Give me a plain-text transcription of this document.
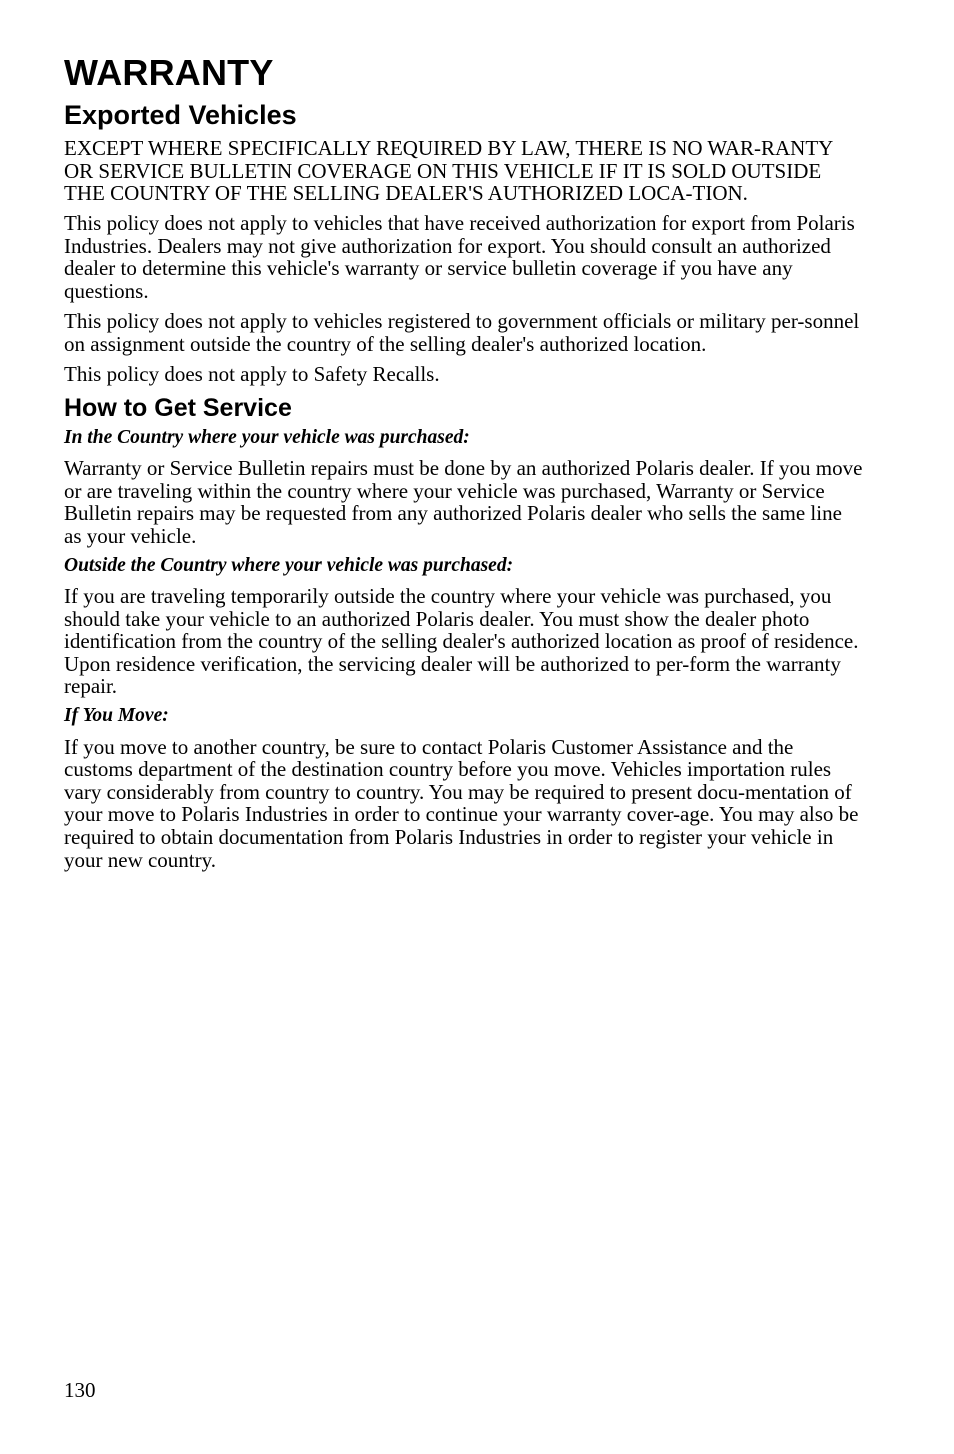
WARRANTY
Exported Vehicles

EXCEPT WHERE SPECIFICALLY REQUIRED BY LAW, THERE IS NO WAR-RANTY OR SERVICE BULLETIN COVERAGE ON THIS VEHICLE IF IT IS SOLD OUTSIDE THE COUNTRY OF THE SELLING DEALER'S AUTHORIZED LOCA-TION.

This policy does not apply to vehicles that have received authorization for export from Polaris Industries. Dealers may not give authorization for export. You should consult an authorized dealer to determine this vehicle's warranty or service bulletin coverage if you have any questions.

This policy does not apply to vehicles registered to government officials or military per-sonnel on assignment outside the country of the selling dealer's authorized location.

This policy does not apply to Safety Recalls.

How to Get Service

In the Country where your vehicle was purchased:

Warranty or Service Bulletin repairs must be done by an authorized Polaris dealer. If you move or are traveling within the country where your vehicle was purchased, Warranty or Service Bulletin repairs may be requested from any authorized Polaris dealer who sells the same line as your vehicle.

Outside the Country where your vehicle was purchased:

If you are traveling temporarily outside the country where your vehicle was purchased, you should take your vehicle to an authorized Polaris dealer. You must show the dealer photo identification from the country of the selling dealer's authorized location as proof of residence. Upon residence verification, the servicing dealer will be authorized to per-form the warranty repair.

If You Move:

If you move to another country, be sure to contact Polaris Customer Assistance and the customs department of the destination country before you move. Vehicles importation rules vary considerably from country to country. You may be required to present docu-mentation of your move to Polaris Industries in order to continue your warranty cover-age. You may also be required to obtain documentation from Polaris Industries in order to register your vehicle in your new country.

130
